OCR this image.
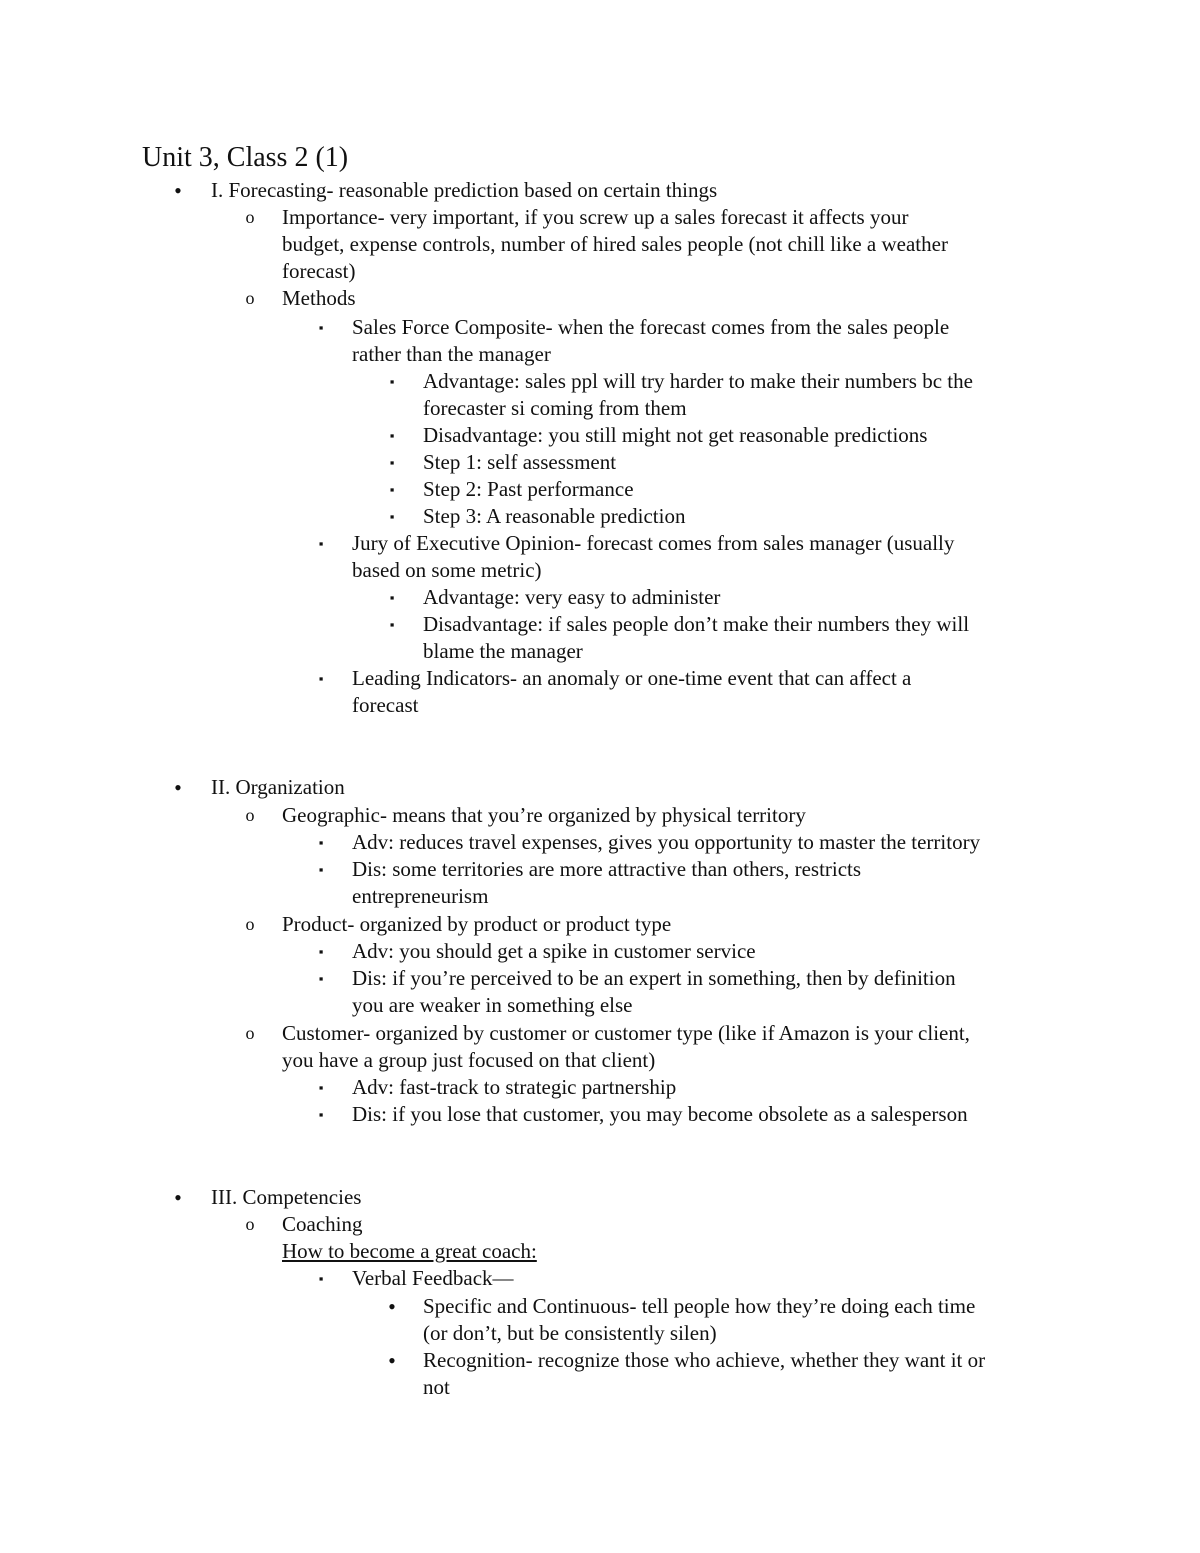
Unit 3, Class 2 (1)
• I. Forecasting- reasonable prediction based on certain things
o Importance- very important, if you screw up a sales forecast it affects your
budget, expense controls, number of hired sales people (not chill like a weather
forecast)
o Methods
▪	Sales Force Composite- when the forecast comes from the sales people
rather than the manager
▪	Advantage: sales ppl will try harder to make their numbers bc the
forecaster si coming from them
▪	Disadvantage: you still might not get reasonable predictions
▪	Step 1: self assessment
▪	Step 2: Past performance
▪	Step 3: A reasonable prediction
▪	Jury of Executive Opinion- forecast comes from sales manager (usually
based on some metric)
▪	Advantage: very easy to administer
▪	Disadvantage: if sales people don’t make their numbers they will
blame the manager
▪	Leading Indicators- an anomaly or one-time event that can affect a
forecast
• II. Organization
o Geographic- means that you’re organized by physical territory
▪	Adv: reduces travel expenses, gives you opportunity to master the territory
▪	Dis: some territories are more attractive than others, restricts
entrepreneurism
o Product- organized by product or product type
▪	Adv: you should get a spike in customer service
▪	Dis: if you’re perceived to be an expert in something, then by definition
you are weaker in something else
o Customer- organized by customer or customer type (like if Amazon is your client,
you have a group just focused on that client)
▪	Adv: fast-track to strategic partnership
▪	Dis: if you lose that customer, you may become obsolete as a salesperson
• III. Competencies
o Coaching
How to become a great coach:
▪	Verbal Feedback—
• Specific and Continuous- tell people how they’re doing each time
(or don’t, but be consistently silen)
• Recognition- recognize those who achieve, whether they want it or
not
